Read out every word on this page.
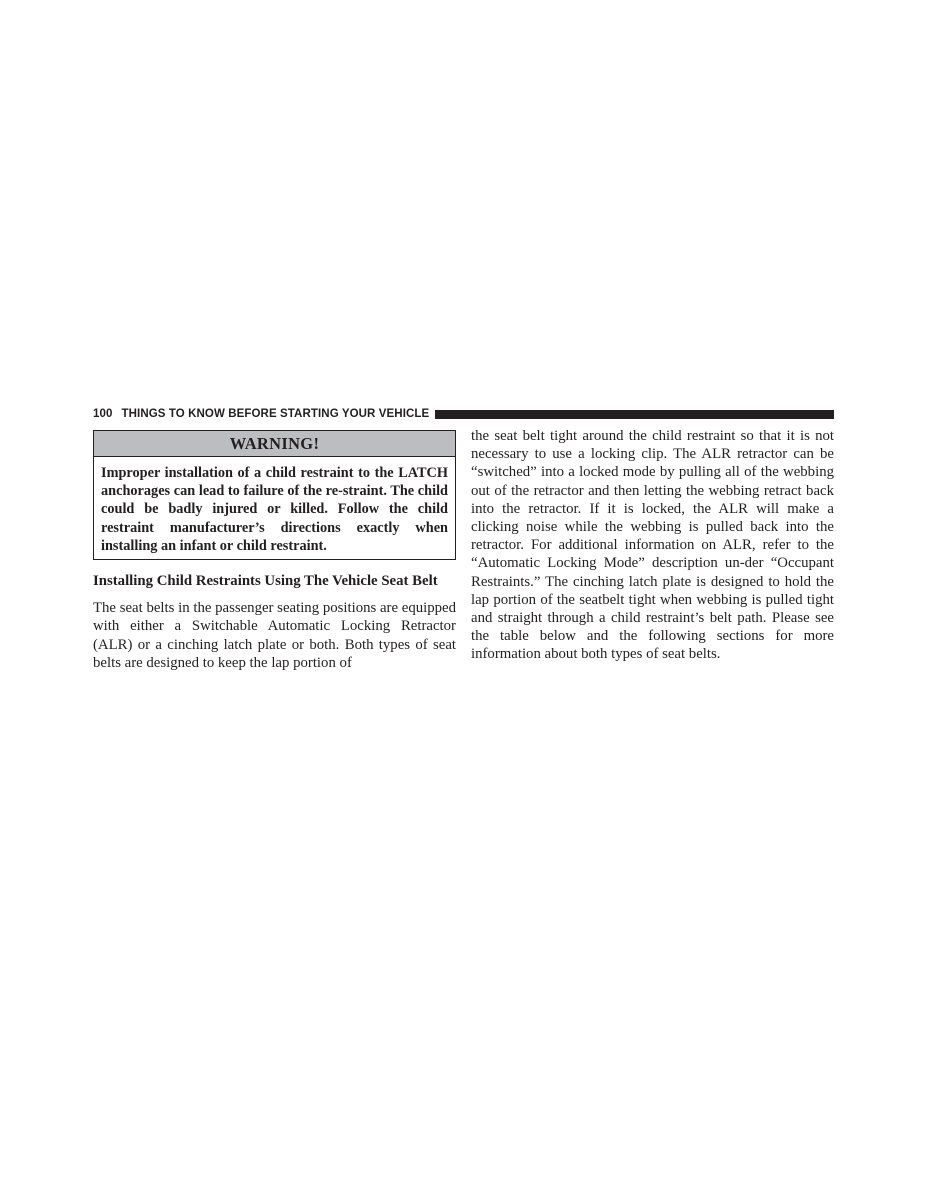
100 THINGS TO KNOW BEFORE STARTING YOUR VEHICLE
WARNING!
Improper installation of a child restraint to the LATCH anchorages can lead to failure of the re-straint. The child could be badly injured or killed. Follow the child restraint manufacturer’s directions exactly when installing an infant or child restraint.
Installing Child Restraints Using The Vehicle Seat Belt

The seat belts in the passenger seating positions are equipped with either a Switchable Automatic Locking Retractor (ALR) or a cinching latch plate or both. Both types of seat belts are designed to keep the lap portion of

the seat belt tight around the child restraint so that it is not necessary to use a locking clip. The ALR retractor can be “switched” into a locked mode by pulling all of the webbing out of the retractor and then letting the webbing retract back into the retractor. If it is locked, the ALR will make a clicking noise while the webbing is pulled back into the retractor. For additional information on ALR, refer to the “Automatic Locking Mode” description un-der “Occupant Restraints.” The cinching latch plate is designed to hold the lap portion of the seatbelt tight when webbing is pulled tight and straight through a child restraint’s belt path. Please see the table below and the following sections for more information about both types of seat belts.
